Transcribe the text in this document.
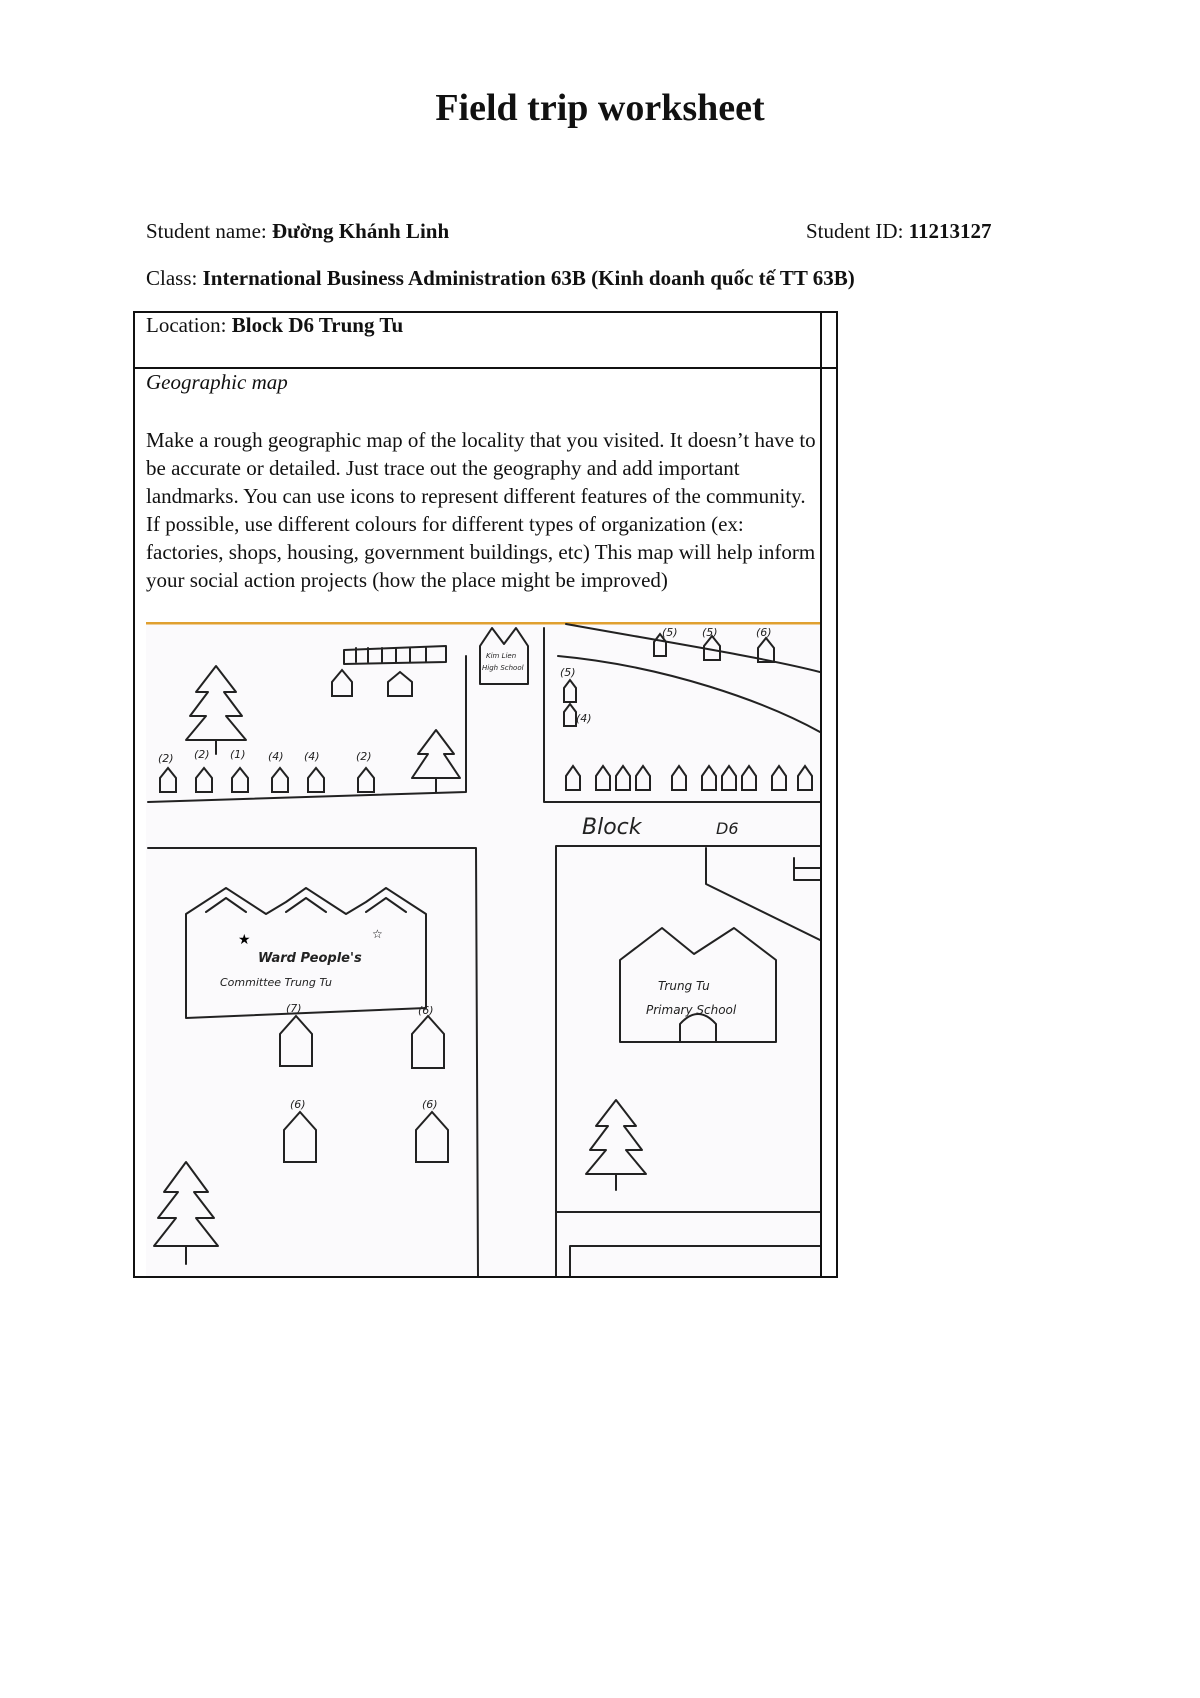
Field trip worksheet
Student name: Đường Khánh Linh	Student ID: 11213127
Class: International Business Administration 63B (Kinh doanh quốc tế TT 63B)
Location: Block D6 Trung Tu
Geographic map

Make a rough geographic map of the locality that you visited. It doesn’t have to be accurate or detailed. Just trace out the geography and add important landmarks. You can use icons to represent different features of the community. If possible, use different colours for different types of organization (ex: factories, shops, housing, government buildings, etc) This map will help inform your social action projects (how the place might be improved)

Kim Lien
High School
Block	D6
Ward People's
Committee Trung Tu	Trung Tu
Primary School
★	☆
(2) (2) (1) (4) (4)	(2)
(5) (5)	(6)
(5)
(4)
(7)	(6)
(6)	(6)
